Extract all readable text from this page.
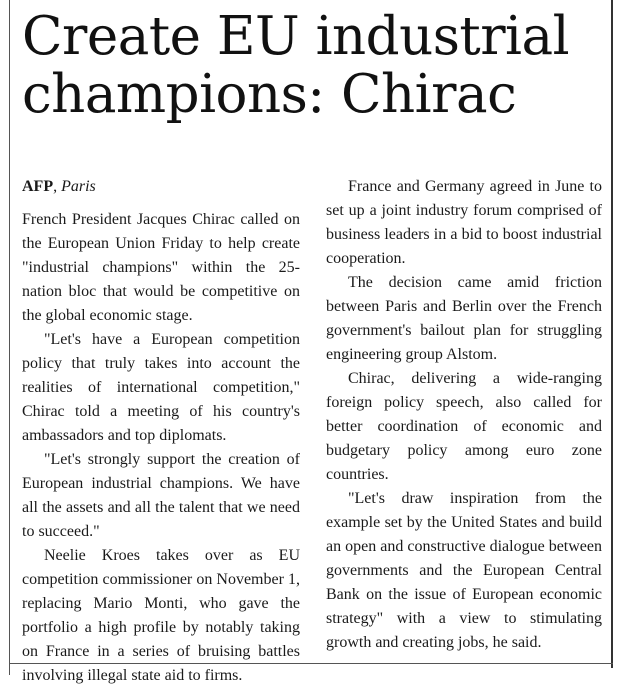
Create EU industrial
champions: Chirac
AFP, Paris

French President Jacques Chirac called on the European Union Friday to help create "industrial champions" within the 25-nation bloc that would be competitive on the global economic stage.

"Let's have a European competition policy that truly takes into account the realities of international competition," Chirac told a meeting of his country's ambassadors and top diplomats.

"Let's strongly support the creation of European industrial champions. We have all the assets and all the talent that we need to succeed."

Neelie Kroes takes over as EU competition commissioner on November 1, replacing Mario Monti, who gave the portfolio a high profile by notably taking on France in a series of bruising battles involving illegal state aid to firms.

France and Germany agreed in June to set up a joint industry forum comprised of business leaders in a bid to boost industrial cooperation.

The decision came amid friction between Paris and Berlin over the French government's bailout plan for struggling engineering group Alstom.

Chirac, delivering a wide-ranging foreign policy speech, also called for better coordination of economic and budgetary policy among euro zone countries.

"Let's draw inspiration from the example set by the United States and build an open and constructive dialogue between governments and the European Central Bank on the issue of European economic strategy" with a view to stimulating growth and creating jobs, he said.
